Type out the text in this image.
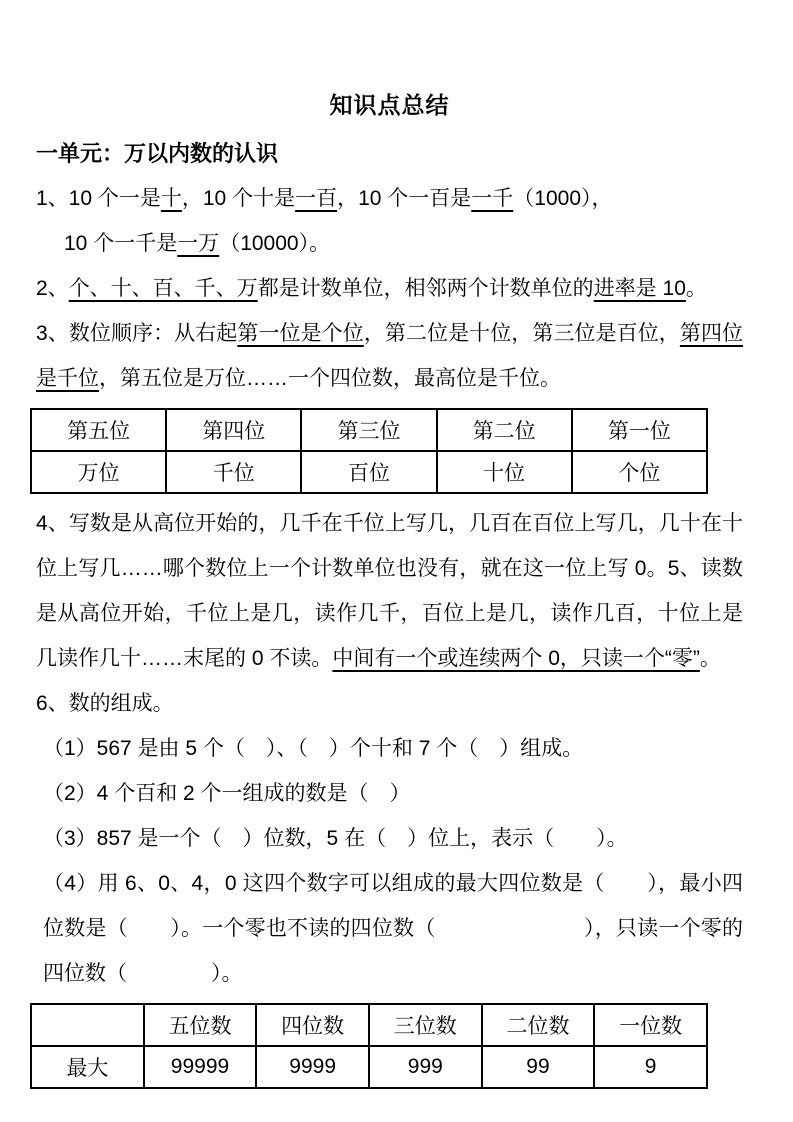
知识点总结
一单元：万以内数的认识

1、10 个一是十，10 个十是一百，10 个一百是一千（1000），

10 个一千是一万（10000）。

2、个、十、百、千、万都是计数单位，相邻两个计数单位的进率是 10。

3、数位顺序：从右起第一位是个位，第二位是十位，第三位是百位，第四位是千位，第五位是万位……一个四位数，最高位是千位。

第五位	第四位	第三位	第二位	第一位
万位	千位	百位	十位	个位

4、写数是从高位开始的，几千在千位上写几，几百在百位上写几，几十在十位上写几……哪个数位上一个计数单位也没有，就在这一位上写 0。5、读数是从高位开始，千位上是几，读作几千，百位上是几，读作几百，十位上是几读作几十……末尾的 0 不读。中间有一个或连续两个 0，只读一个“零”。

6、数的组成。

（1）567 是由 5 个（　）、（　）个十和 7 个（　）组成。

（2）4 个百和 2 个一组成的数是（　）

（3）857 是一个（　）位数，5 在（　）位上，表示（　　）。

（4）用 6、0、4，0 这四个数字可以组成的最大四位数是（　　），最小四位数是（　　）。一个零也不读的四位数（　　　　　　　），只读一个零的四位数（　　　　）。

	五位数	四位数	三位数	二位数	一位数
最大	99999	9999	999	99	9
